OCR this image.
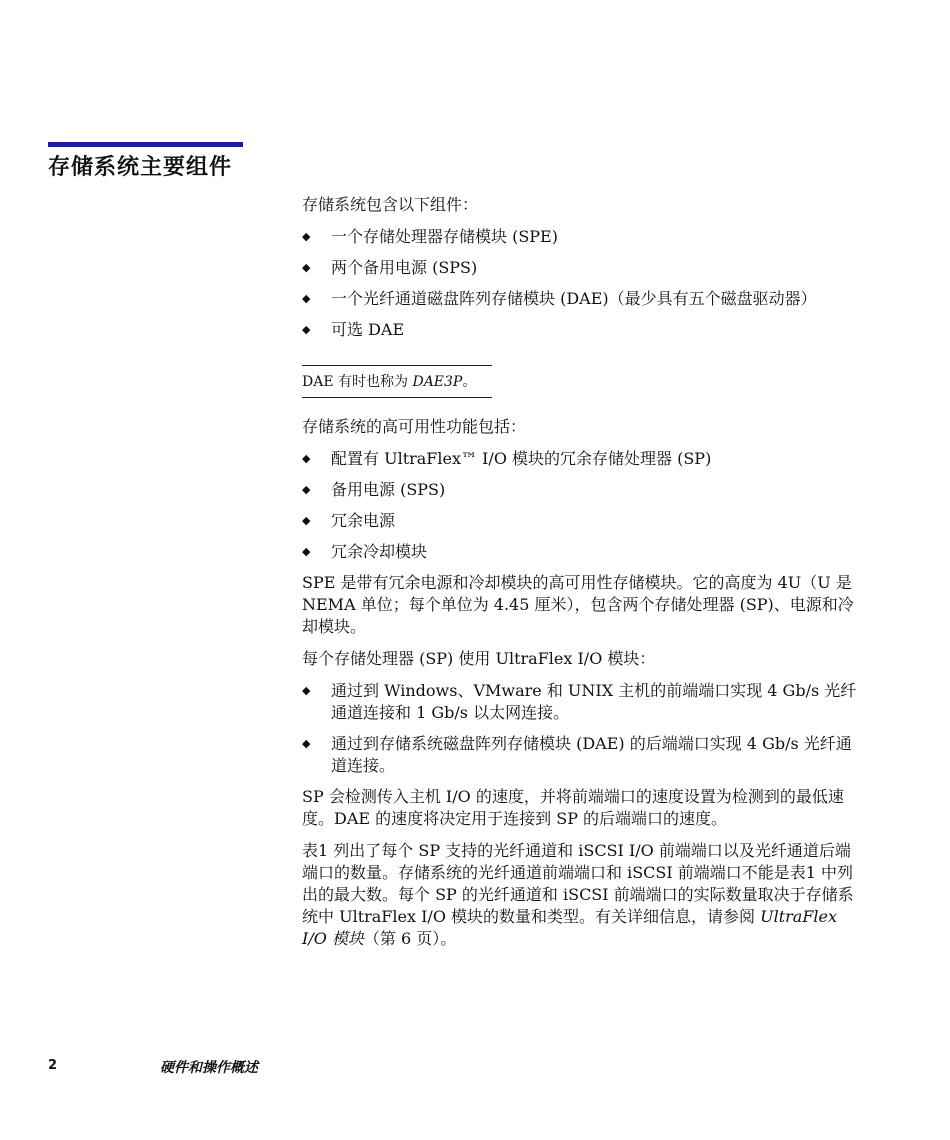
存储系统主要组件

存储系统包含以下组件：

◆ 一个存储处理器存储模块 (SPE)
◆ 两个备用电源 (SPS)
◆ 一个光纤通道磁盘阵列存储模块 (DAE)（最少具有五个磁盘驱动器）
◆ 可选 DAE
DAE 有时也称为 DAE3P。

存储系统的高可用性功能包括：

◆ 配置有 UltraFlex™ I/O 模块的冗余存储处理器 (SP)
◆ 备用电源 (SPS)
◆ 冗余电源
◆ 冗余冷却模块

SPE 是带有冗余电源和冷却模块的高可用性存储模块。它的高度为 4U（U 是 NEMA 单位；每个单位为 4.45 厘米），包含两个存储处理器 (SP)、电源和冷却模块。

每个存储处理器 (SP) 使用 UltraFlex I/O 模块：

◆ 通过到 Windows、VMware 和 UNIX 主机的前端端口实现 4 Gb/s 光纤通道连接和 1 Gb/s 以太网连接。
◆ 通过到存储系统磁盘阵列存储模块 (DAE) 的后端端口实现 4 Gb/s 光纤通道连接。

SP 会检测传入主机 I/O 的速度，并将前端端口的速度设置为检测到的最低速度。DAE 的速度将决定用于连接到 SP 的后端端口的速度。

表1 列出了每个 SP 支持的光纤通道和 iSCSI I/O 前端端口以及光纤通道后端端口的数量。存储系统的光纤通道前端端口和 iSCSI 前端端口不能是表1 中列出的最大数。每个 SP 的光纤通道和 iSCSI 前端端口的实际数量取决于存储系统中 UltraFlex I/O 模块的数量和类型。有关详细信息，请参阅 UltraFlex I/O 模块（第 6 页）。

2	硬件和操作概述
